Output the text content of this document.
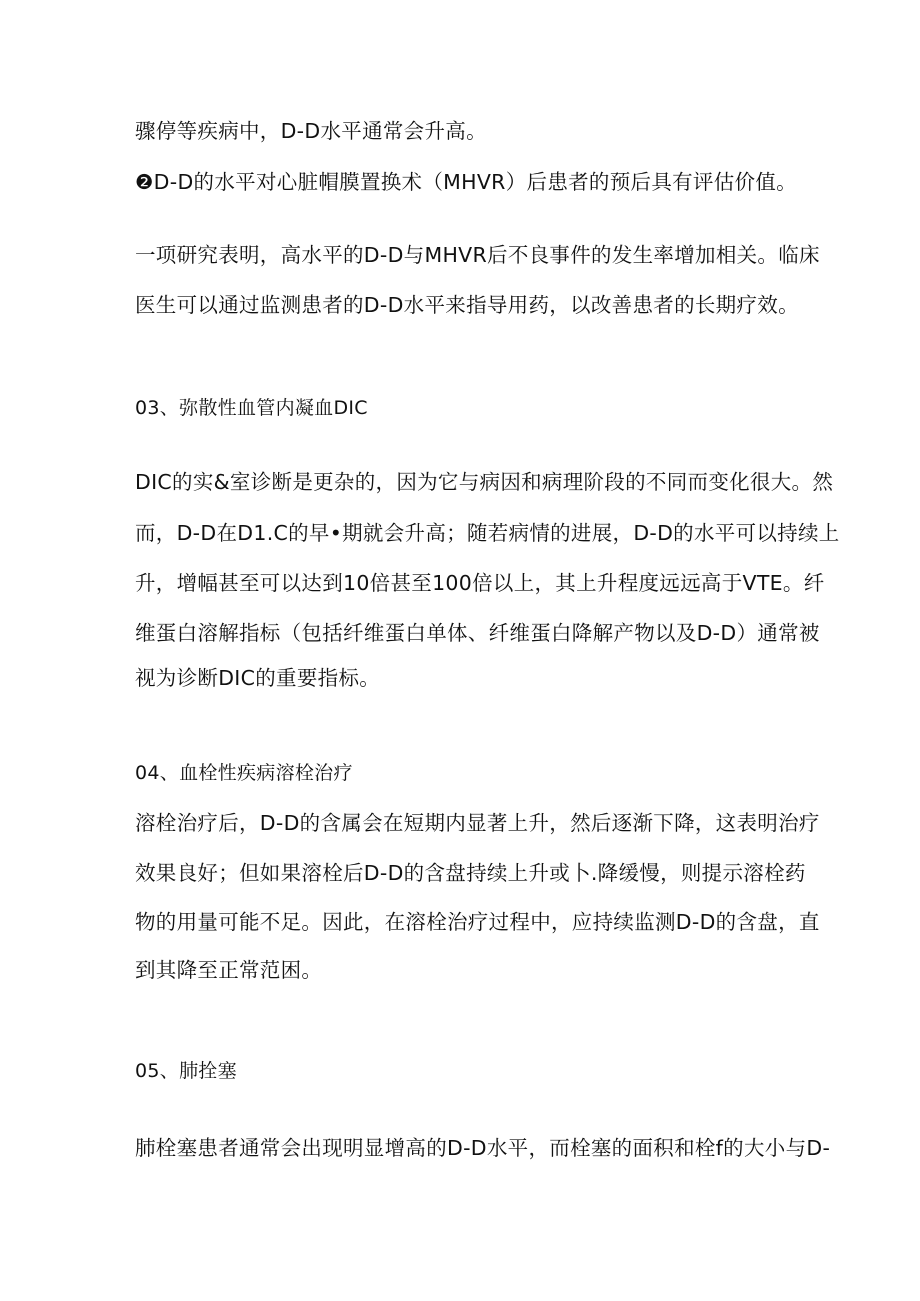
骤停等疾病中，D-D水平通常会升高。
❷D-D的水平对心脏帽膜置换术（MHVR）后患者的预后具有评估价值。
一项研究表明，高水平的D-D与MHVR后不良事件的发生率增加相关。临床
医生可以通过监测患者的D-D水平来指导用药，以改善患者的长期疗效。
03、弥散性血管内凝血DIC
DIC的实&室诊断是更杂的，因为它与病因和病理阶段的不同而变化很大。然
而，D-D在D1.C的早•期就会升高；随若病情的进展，D-D的水平可以持续上
升，增幅甚至可以达到10倍甚至100倍以上，其上升程度远远高于VTE。纤
维蛋白溶解指标（包括纤维蛋白单体、纤维蛋白降解产物以及D-D）通常被
视为诊断DIC的重要指标。
04、血栓性疾病溶栓治疗
溶栓治疗后，D-D的含属会在短期内显著上升，然后逐渐下降，这表明治疗
效果良好；但如果溶栓后D-D的含盘持续上升或卜.降缓慢，则提示溶栓药
物的用量可能不足。因此，在溶栓治疗过程中，应持续监测D-D的含盘，直
到其降至正常范困。
05、肺拴塞
肺栓塞患者通常会出现明显增高的D-D水平，而栓塞的面积和栓f的大小与D-
